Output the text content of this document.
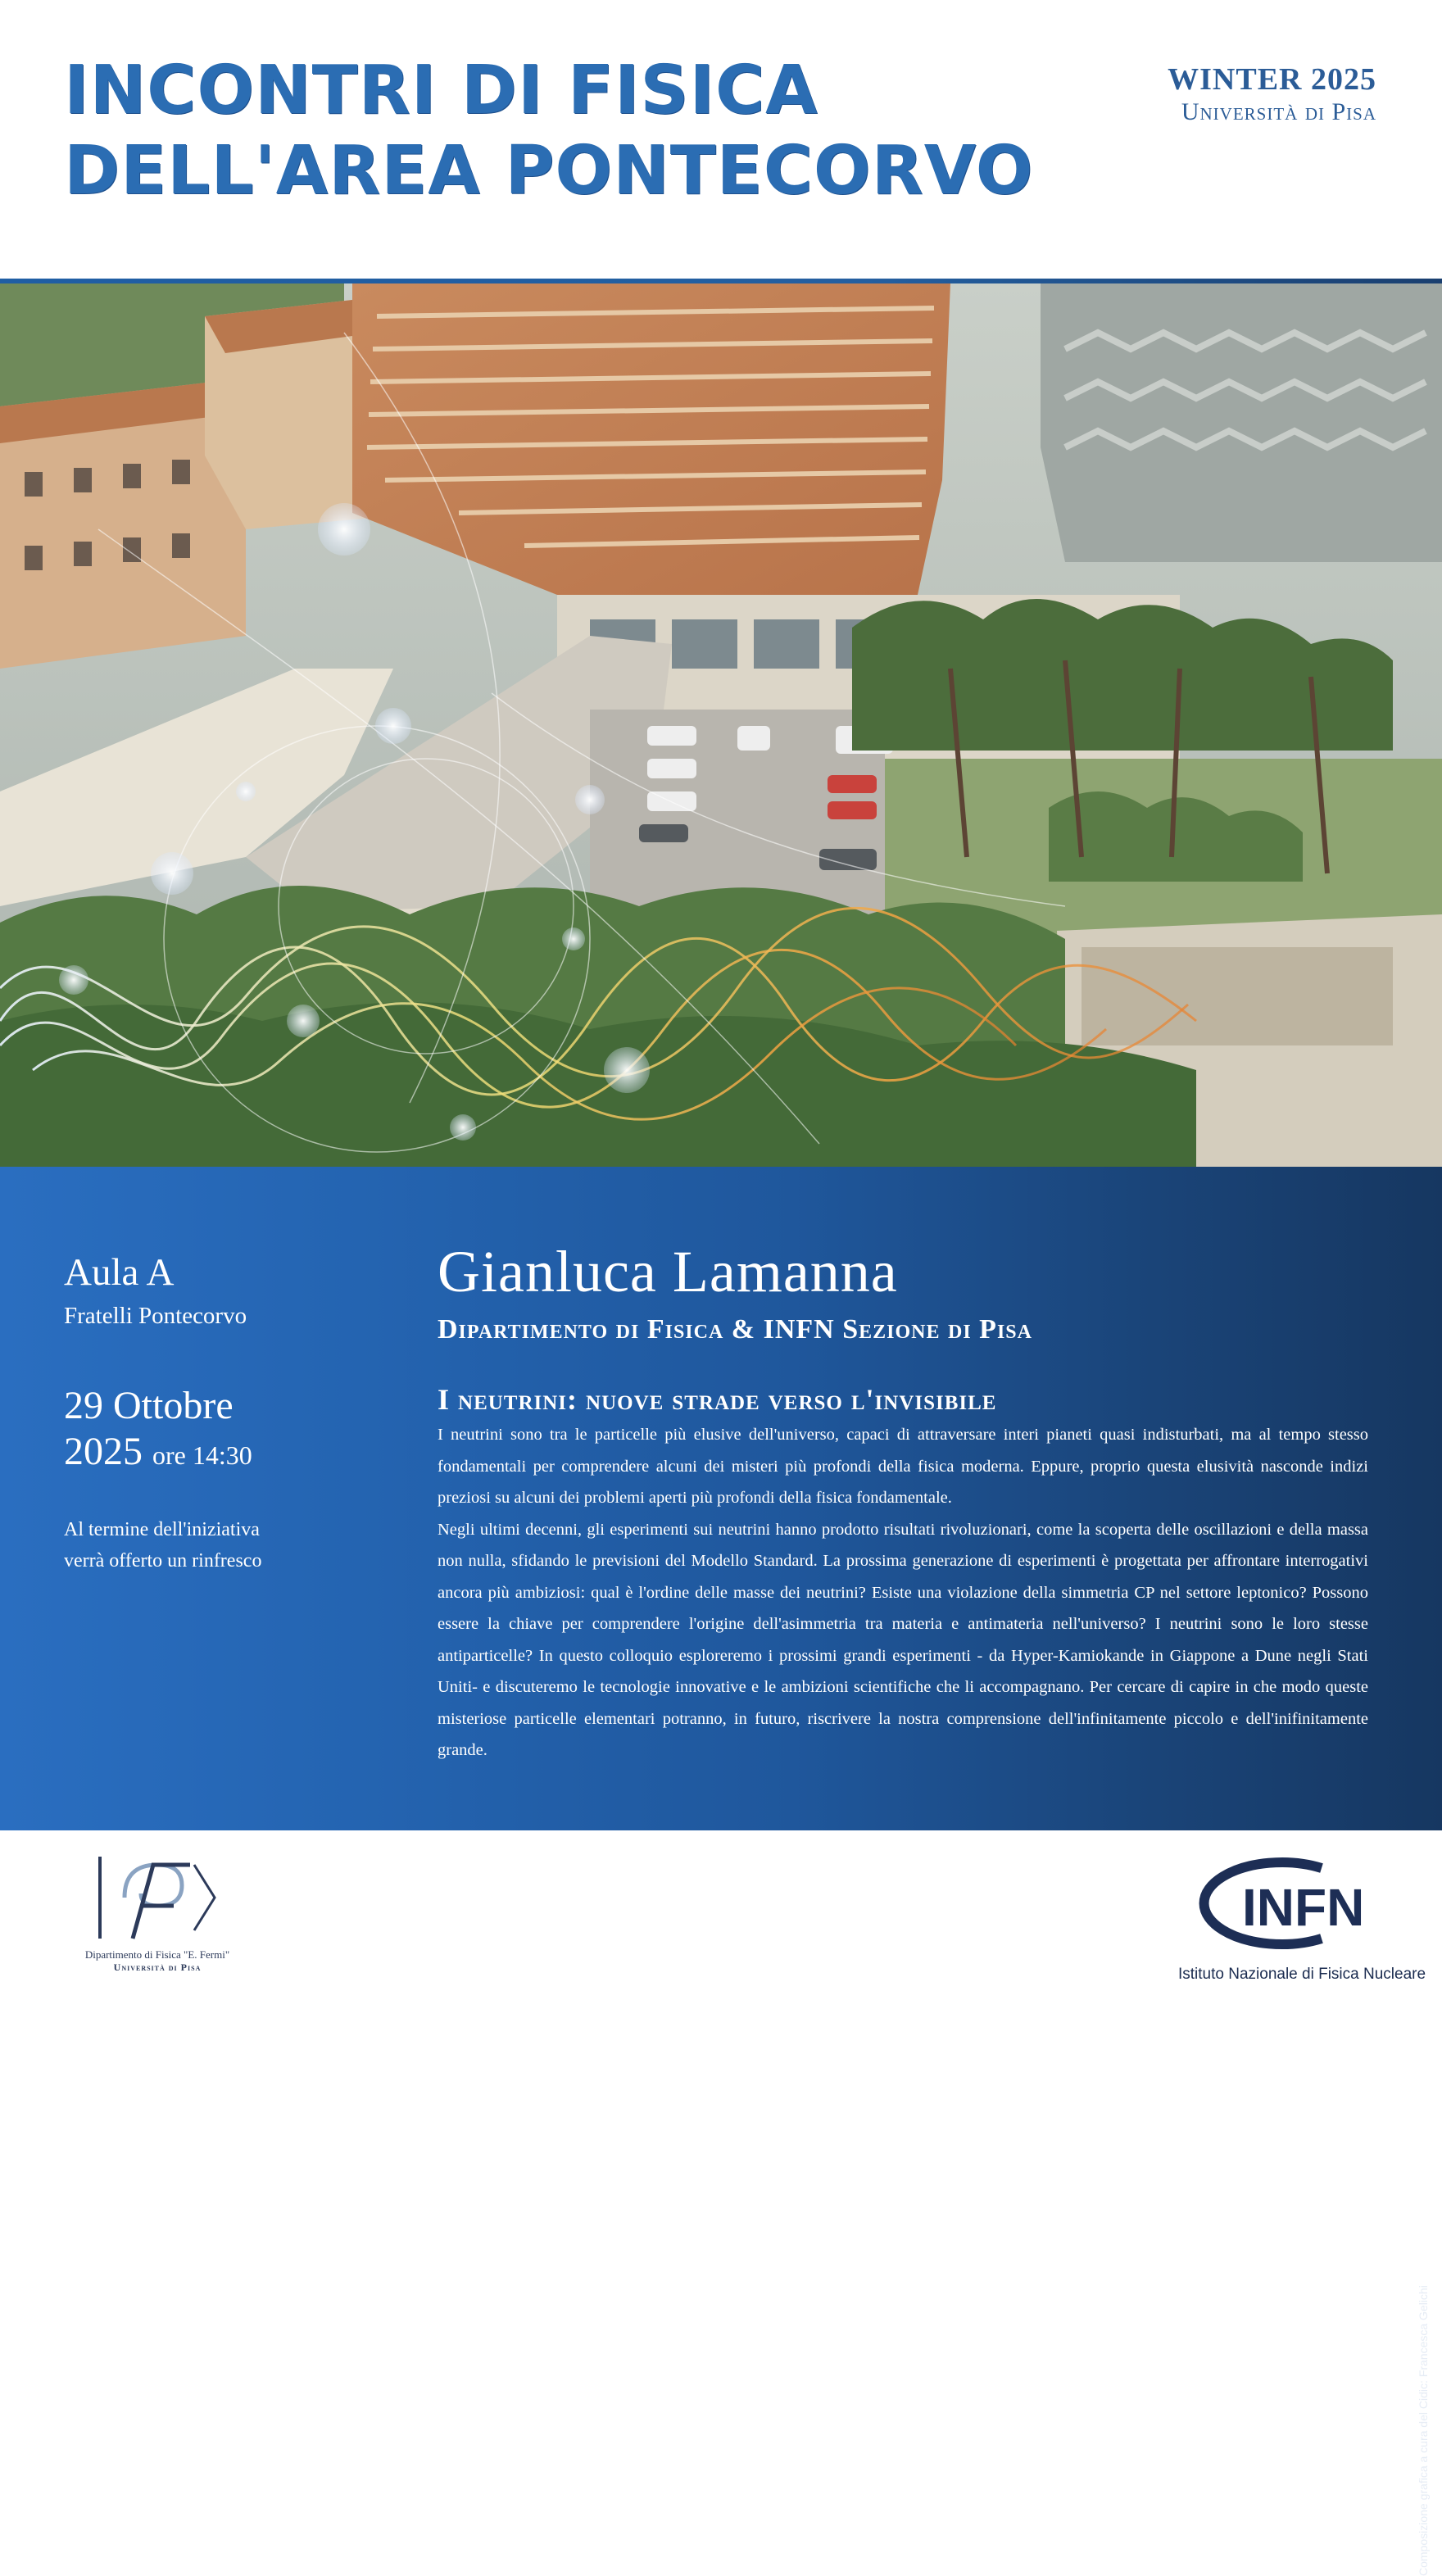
INCONTRI DI FISICA
DELL'AREA PONTECORVO
WINTER 2025
Università di Pisa
Aula A
Fratelli Pontecorvo
29 Ottobre
2025 ore 14:30
Al termine dell'iniziativa
verrà offerto un rinfresco
Gianluca Lamanna
Dipartimento di Fisica & INFN Sezione di Pisa
I neutrini: nuove strade verso l'invisibile

I neutrini sono tra le particelle più elusive dell'universo, capaci di attraversare interi pianeti quasi indisturbati, ma al tempo stesso fondamentali per comprendere alcuni dei misteri più profondi della fisica moderna. Eppure, proprio questa elusività nasconde indizi preziosi su alcuni dei problemi aperti più profondi della fisica fondamentale.

Negli ultimi decenni, gli esperimenti sui neutrini hanno prodotto risultati rivoluzionari, come la scoperta delle oscillazioni e della massa non nulla, sfidando le previsioni del Modello Standard. La prossima generazione di esperimenti è progettata per affrontare interrogativi ancora più ambiziosi: qual è l'ordine delle masse dei neutrini? Esiste una violazione della simmetria CP nel settore leptonico? Possono essere la chiave per comprendere l'origine dell'asimmetria tra materia e antimateria nell'universo? I neutrini sono le loro stesse antiparticelle? In questo colloquio esploreremo i prossimi grandi esperimenti - da Hyper-Kamiokande in Giappone a Dune negli Stati Uniti- e discuteremo le tecnologie innovative e le ambizioni scientifiche che li accompagnano. Per cercare di capire in che modo queste misteriose particelle elementari potranno, in futuro, riscrivere la nostra comprensione dell'infinitamente piccolo e dell'inifinitamente grande.

Composizione grafica a cura del Cidic: Francesca Gelichi
Dipartimento di Fisica "E. Fermi"
Università di Pisa
INFN
Istituto Nazionale di Fisica Nucleare
